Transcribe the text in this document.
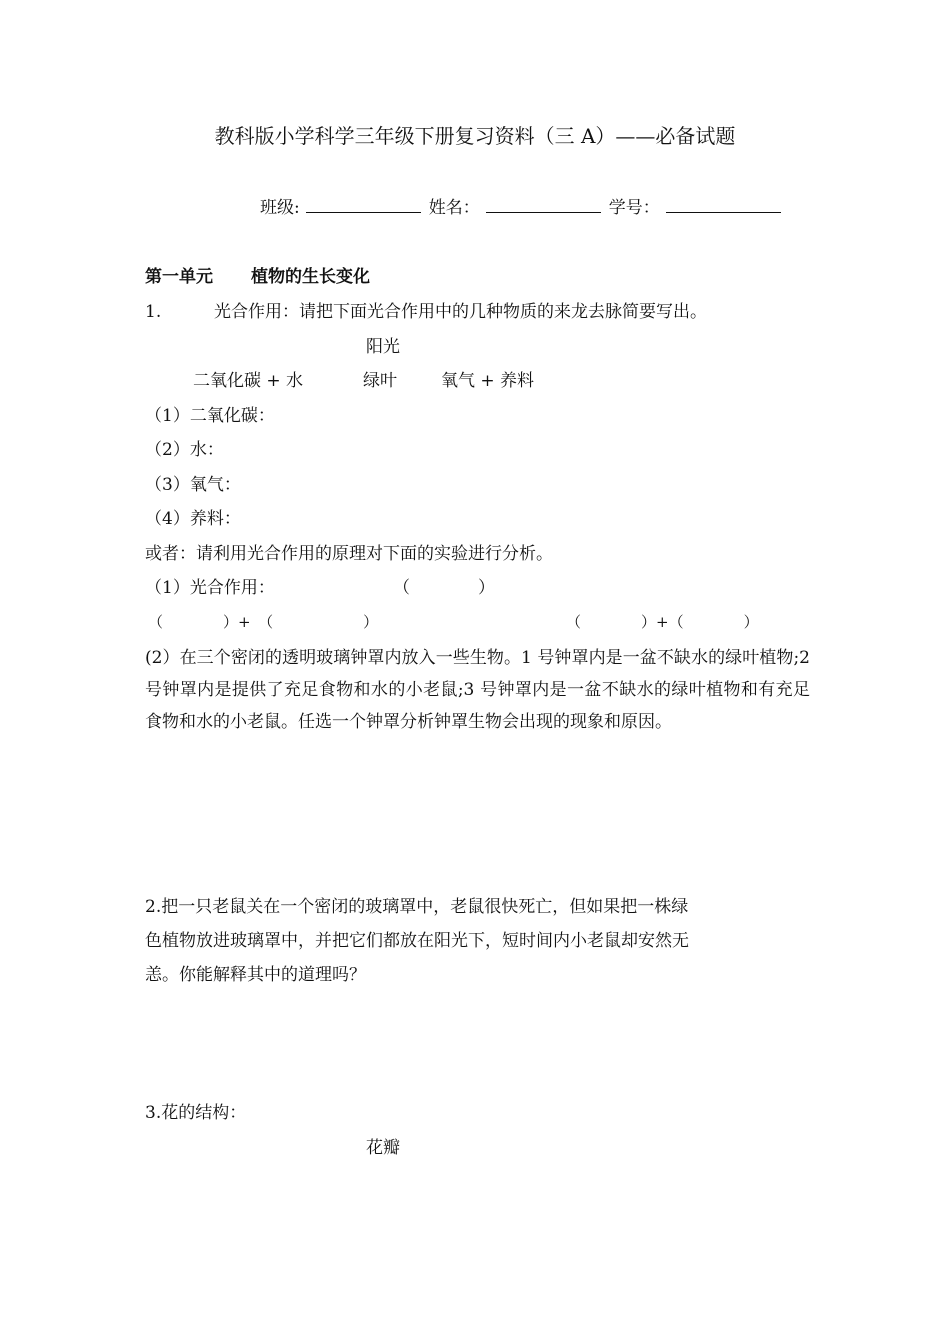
教科版小学科学三年级下册复习资料（三 A）——必备试题
班级:	姓名：	学号：
第一单元 植物的生长变化
1.	光合作用：请把下面光合作用中的几种物质的来龙去脉简要写出。
阳光
二氧化碳 + 水	绿叶	氧气 + 养料
（1）二氧化碳：
（2）水：
（3）氧气：
（4）养料：
或者：请利用光合作用的原理对下面的实验进行分析。
（1）光合作用：	（　　　　）
（　　　　）+　（　　　　　　）	（　　　　）+（　　　　）
(2）在三个密闭的透明玻璃钟罩内放入一些生物。1 号钟罩内是一盆不缺水的绿叶植物;2 号钟罩内是提供了充足食物和水的小老鼠;3 号钟罩内是一盆不缺水的绿叶植物和有充足食物和水的小老鼠。任选一个钟罩分析钟罩生物会出现的现象和原因。
2.把一只老鼠关在一个密闭的玻璃罩中，老鼠很快死亡，但如果把一株绿
色植物放进玻璃罩中，并把它们都放在阳光下，短时间内小老鼠却安然无
恙。你能解释其中的道理吗？
3.花的结构：
花瓣
